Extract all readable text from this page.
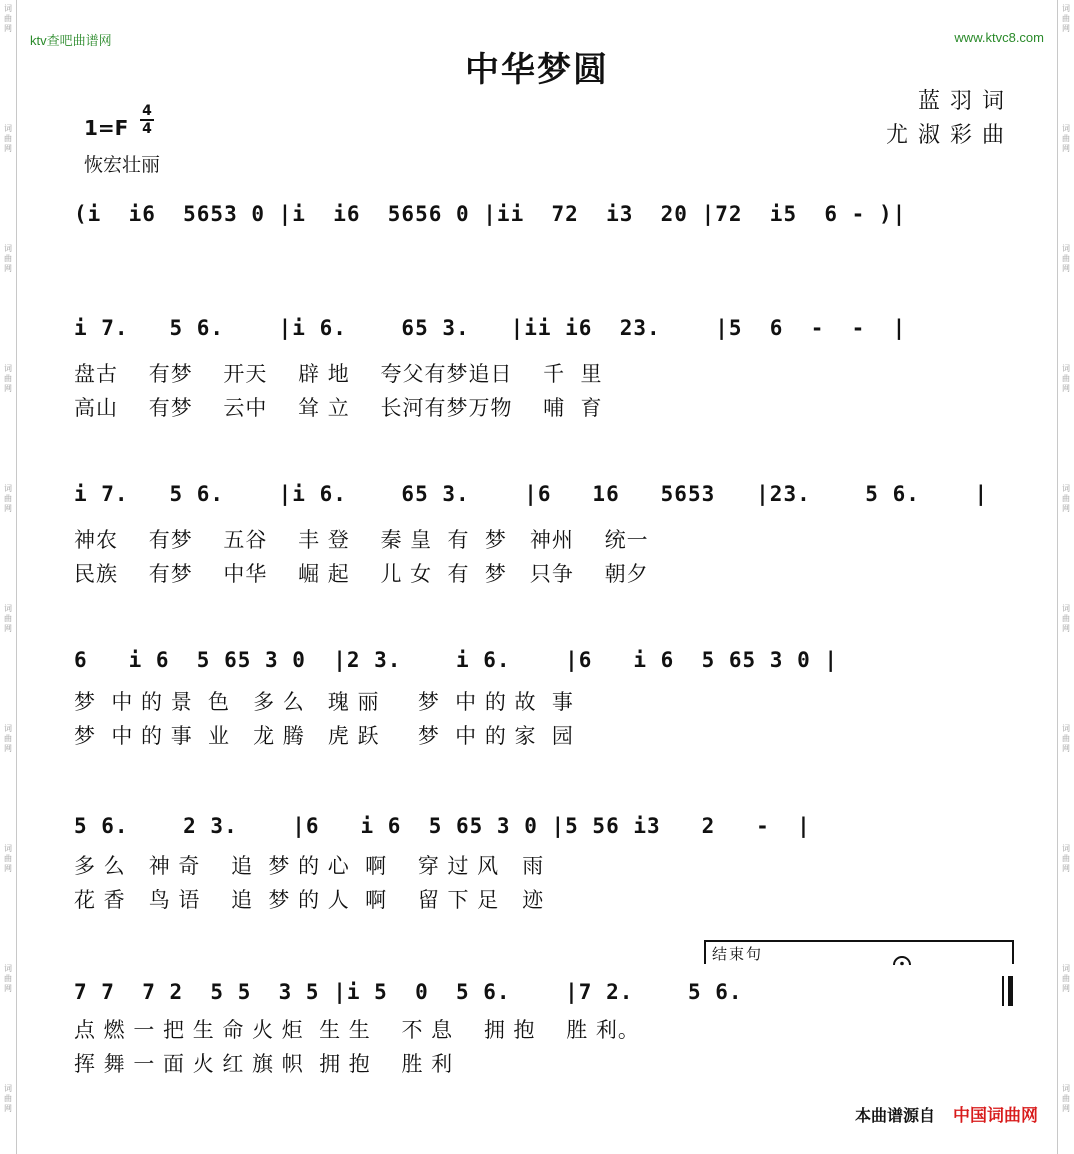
词曲网
词曲网
词曲网
词曲网
词曲网
词曲网
词曲网
词曲网
词曲网
词曲网
词曲网
词曲网
词曲网
词曲网
词曲网
词曲网
词曲网
词曲网
词曲网
词曲网
ktv查吧曲谱网	www.ktvc8.com
中华梦圆
蓝羽词
尤淑彩曲
1=F
4
4
恢宏壮丽
(i  i6  5653 0 |i  i6  5656 0 |ii  72  i3  20 |72  i5  6 - )|
i 7.   5 6.    |i 6.    65 3.   |ii i6  23.    |5  6  -  -  |
盘古    有梦    开天    辟 地    夸父有梦追日    千  里
高山    有梦    云中    耸 立    长河有梦万物    哺  育
i 7.   5 6.    |i 6.    65 3.    |6   16   5653   |23.    5 6.    |
神农    有梦    五谷    丰 登    秦 皇  有  梦   神州    统一
民族    有梦    中华    崛 起    儿 女  有  梦   只争    朝夕
6   i 6  5 65 3 0  |2 3.    i 6.    |6   i 6  5 65 3 0 |
梦  中 的 景  色   多 么   瑰 丽     梦  中 的 故  事
梦  中 的 事  业   龙 腾   虎 跃     梦  中 的 家  园
5 6.    2 3.    |6   i 6  5 65 3 0 |5 56 i3   2   -  |
多 么   神 奇    追  梦 的 心  啊    穿 过 风   雨
花 香   鸟 语    追  梦 的 人  啊    留 下 足   迹
结束句
7 7  7 2  5 5  3 5 |i 5  0  5 6.    |7 2.    5 6.
点 燃 一 把 生 命 火 炬  生 生    不 息    拥 抱    胜 利。
挥 舞 一 面 火 红 旗 帜  拥 抱    胜 利
本曲谱源自 中国词曲网
